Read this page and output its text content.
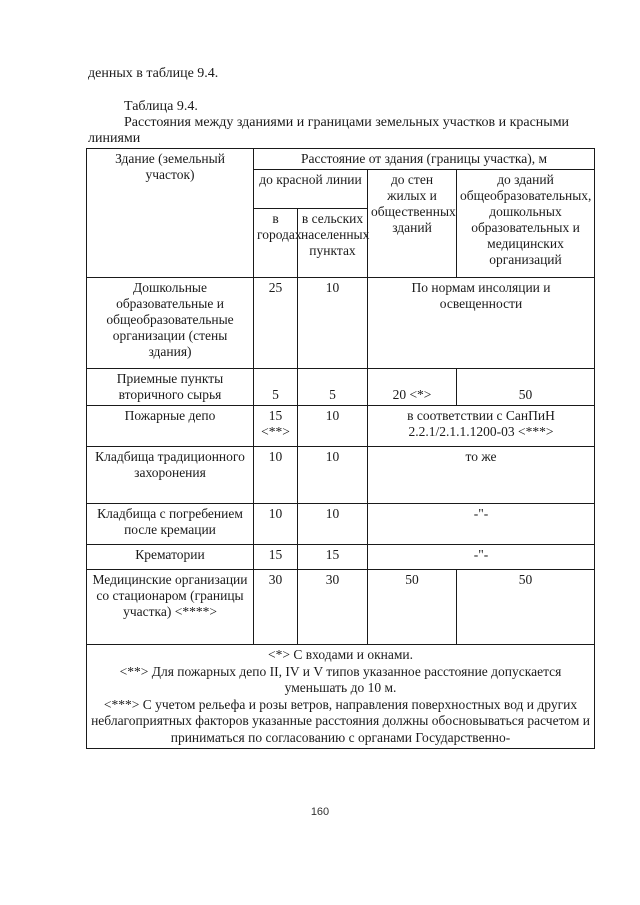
денных в таблице 9.4.
Таблица 9.4.
Расстояния между зданиями и границами земельных участков и красными линиями
Здание (земельный участок)	Расстояние от здания (границы участка), м			
	до красной линии		до стен жилых и общественных зданий	до зданий общеобразовательных, дошкольных образовательных и медицинских организаций
	в городах	в сельских населенных пунктах		
Дошкольные образовательные и общеобразовательные организации (стены здания)	25	10	По нормам инсоляции и освещенности	
Приемные пункты вторичного сырья	5	5	20 <*>	50
Пожарные депо	15 <**>	10	в соответствии с СанПиН 2.2.1/2.1.1.1200-03 <***>	
Кладбища традиционного захоронения	10	10	то же	
Кладбища с погребением после кремации	10	10	-"-	
Крематории	15	15	-"-	
Медицинские организации со стационаром (границы участка) <****>	30	30	50	50

<*> С входами и окнами.
<**> Для пожарных депо II, IV и V типов указанное расстояние допускается уменьшать до 10 м.
<***> С учетом рельефа и розы ветров, направления поверхностных вод и других неблагоприятных факторов указанные расстояния должны обосновываться расчетом и приниматься по согласованию с органами Государственно-				
160
